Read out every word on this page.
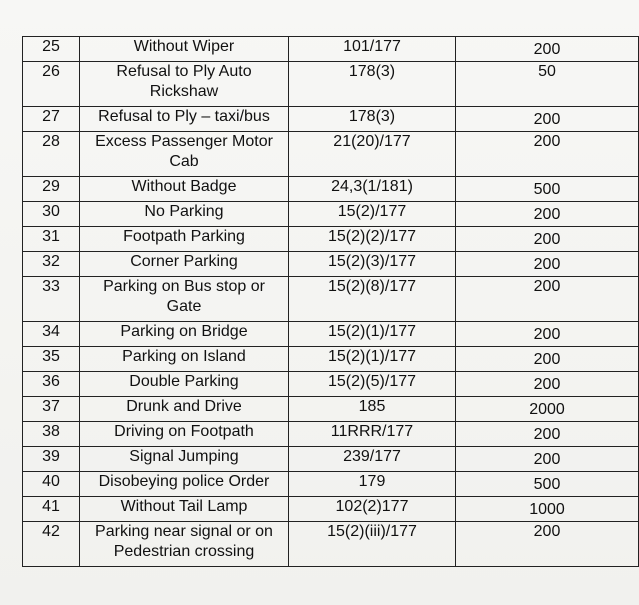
25	Without Wiper	101/177	200
26	Refusal to Ply Auto Rickshaw	178(3)	50
27	Refusal to Ply – taxi/bus	178(3)	200
28	Excess Passenger Motor Cab	21(20)/177	200
29	Without Badge	24,3(1/181)	500
30	No Parking	15(2)/177	200
31	Footpath Parking	15(2)(2)/177	200
32	Corner Parking	15(2)(3)/177	200
33	Parking on Bus stop or Gate	15(2)(8)/177	200
34	Parking on Bridge	15(2)(1)/177	200
35	Parking on Island	15(2)(1)/177	200
36	Double Parking	15(2)(5)/177	200
37	Drunk and Drive	185	2000
38	Driving on Footpath	11RRR/177	200
39	Signal Jumping	239/177	200
40	Disobeying police Order	179	500
41	Without Tail Lamp	102(2)177	1000
42	Parking near signal or on Pedestrian crossing	15(2)(iii)/177	200
